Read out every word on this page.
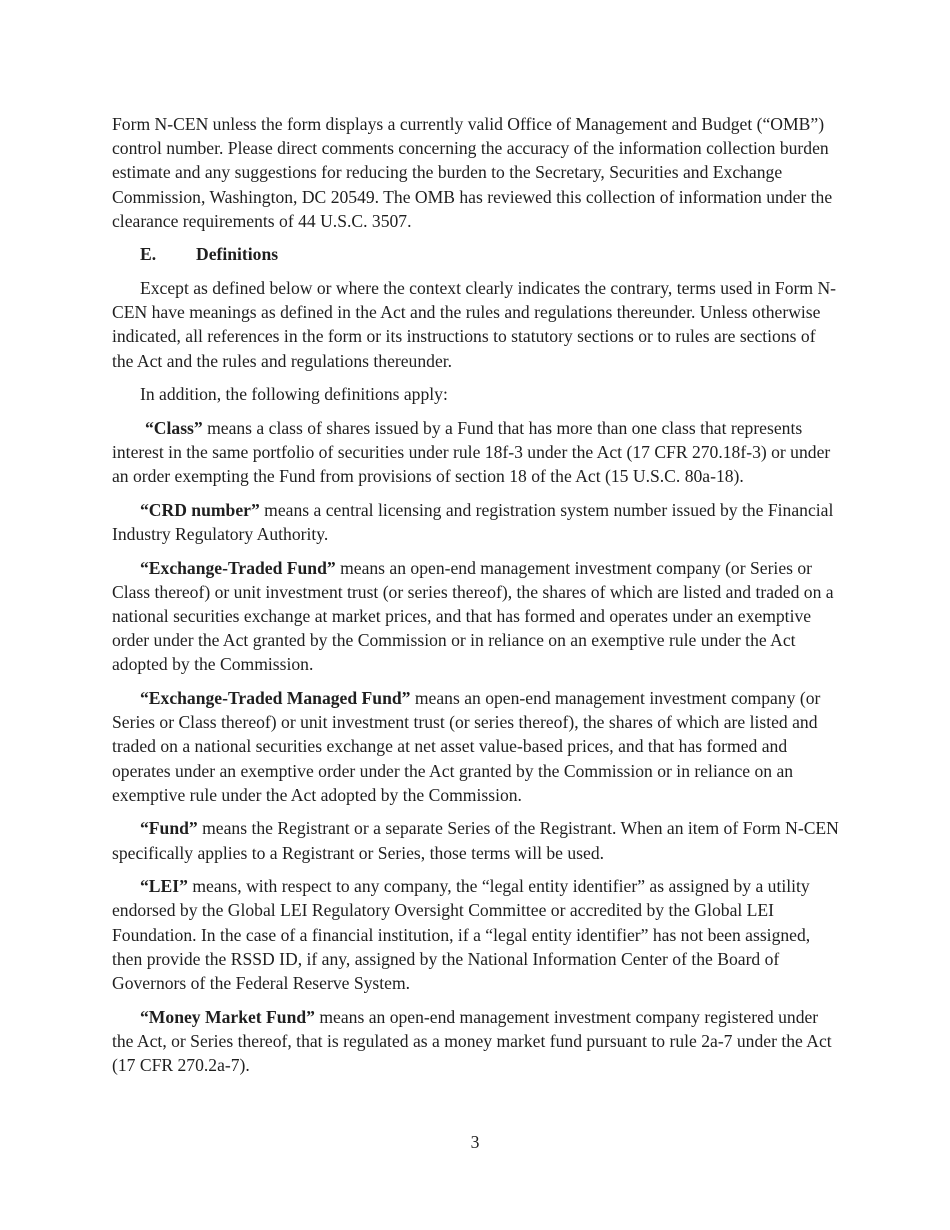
Form N-CEN unless the form displays a currently valid Office of Management and Budget (“OMB”) control number. Please direct comments concerning the accuracy of the information collection burden estimate and any suggestions for reducing the burden to the Secretary, Securities and Exchange Commission, Washington, DC 20549. The OMB has reviewed this collection of information under the clearance requirements of 44 U.S.C. 3507.

E. Definitions

Except as defined below or where the context clearly indicates the contrary, terms used in Form N-CEN have meanings as defined in the Act and the rules and regulations thereunder. Unless otherwise indicated, all references in the form or its instructions to statutory sections or to rules are sections of the Act and the rules and regulations thereunder.

In addition, the following definitions apply:

“Class” means a class of shares issued by a Fund that has more than one class that represents interest in the same portfolio of securities under rule 18f-3 under the Act (17 CFR 270.18f-3) or under an order exempting the Fund from provisions of section 18 of the Act (15 U.S.C. 80a-18).

“CRD number” means a central licensing and registration system number issued by the Financial Industry Regulatory Authority.

“Exchange-Traded Fund” means an open-end management investment company (or Series or Class thereof) or unit investment trust (or series thereof), the shares of which are listed and traded on a national securities exchange at market prices, and that has formed and operates under an exemptive order under the Act granted by the Commission or in reliance on an exemptive rule under the Act adopted by the Commission.

“Exchange-Traded Managed Fund” means an open-end management investment company (or Series or Class thereof) or unit investment trust (or series thereof), the shares of which are listed and traded on a national securities exchange at net asset value-based prices, and that has formed and operates under an exemptive order under the Act granted by the Commission or in reliance on an exemptive rule under the Act adopted by the Commission.

“Fund” means the Registrant or a separate Series of the Registrant. When an item of Form N-CEN specifically applies to a Registrant or Series, those terms will be used.

“LEI” means, with respect to any company, the “legal entity identifier” as assigned by a utility endorsed by the Global LEI Regulatory Oversight Committee or accredited by the Global LEI Foundation. In the case of a financial institution, if a “legal entity identifier” has not been assigned, then provide the RSSD ID, if any, assigned by the National Information Center of the Board of Governors of the Federal Reserve System.

“Money Market Fund” means an open-end management investment company registered under the Act, or Series thereof, that is regulated as a money market fund pursuant to rule 2a-7 under the Act (17 CFR 270.2a-7).

3
